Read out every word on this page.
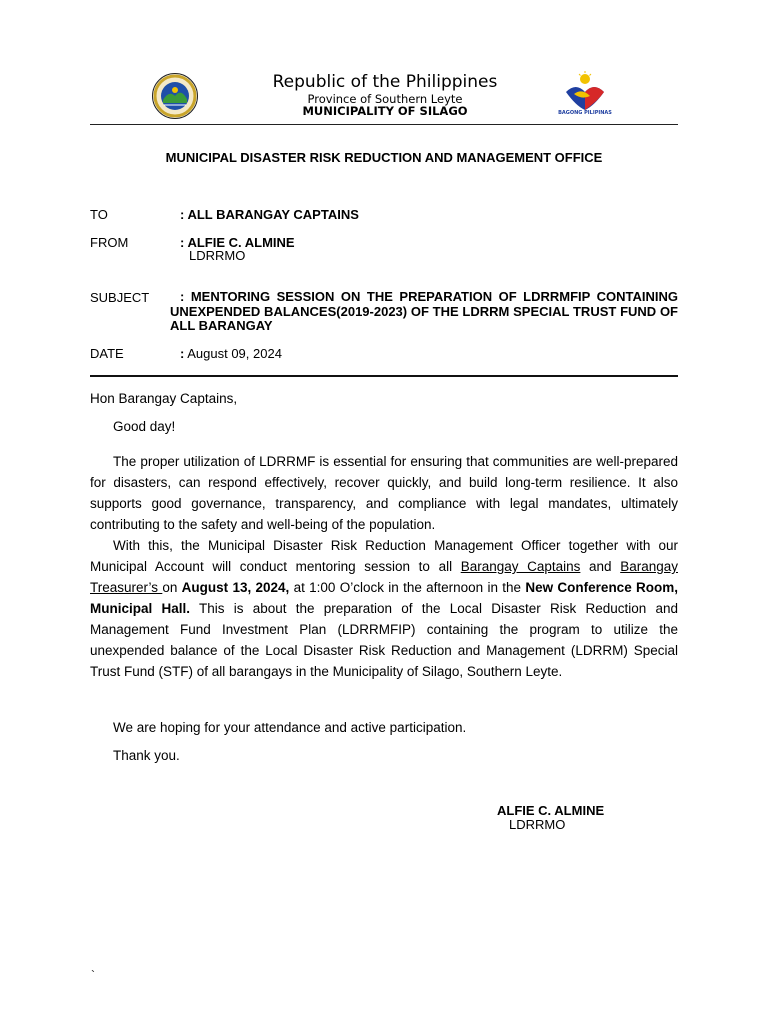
Republic of the Philippines
Province of Southern Leyte
MUNICIPALITY OF SILAGO	BAGONG PILIPINAS
MUNICIPAL DISASTER RISK REDUCTION AND MANAGEMENT OFFICE
TO	: ALL BARANGAY CAPTAINS
FROM	: ALFIE C. ALMINE
LDRRMO
SUBJECT	: MENTORING SESSION ON THE PREPARATION OF LDRRMFIP CONTAINING UNEXPENDED BALANCES(2019-2023) OF THE LDRRM SPECIAL TRUST FUND OF ALL BARANGAY
DATE	: August 09, 2024
Hon Barangay Captains,
Good day!
The proper utilization of LDRRMF is essential for ensuring that communities are well-prepared for disasters, can respond effectively, recover quickly, and build long-term resilience. It also supports good governance, transparency, and compliance with legal mandates, ultimately contributing to the safety and well-being of the population.
With this, the Municipal Disaster Risk Reduction Management Officer together with our Municipal Account will conduct mentoring session to all Barangay Captains and Barangay Treasurer’s on August 13, 2024, at 1:00 O’clock in the afternoon in the New Conference Room, Municipal Hall. This is about the preparation of the Local Disaster Risk Reduction and Management Fund Investment Plan (LDRRMFIP) containing the program to utilize the unexpended balance of the Local Disaster Risk Reduction and Management (LDRRM) Special Trust Fund (STF) of all barangays in the Municipality of Silago, Southern Leyte.
We are hoping for your attendance and active participation.
Thank you.
ALFIE C. ALMINE
LDRRMO
`
